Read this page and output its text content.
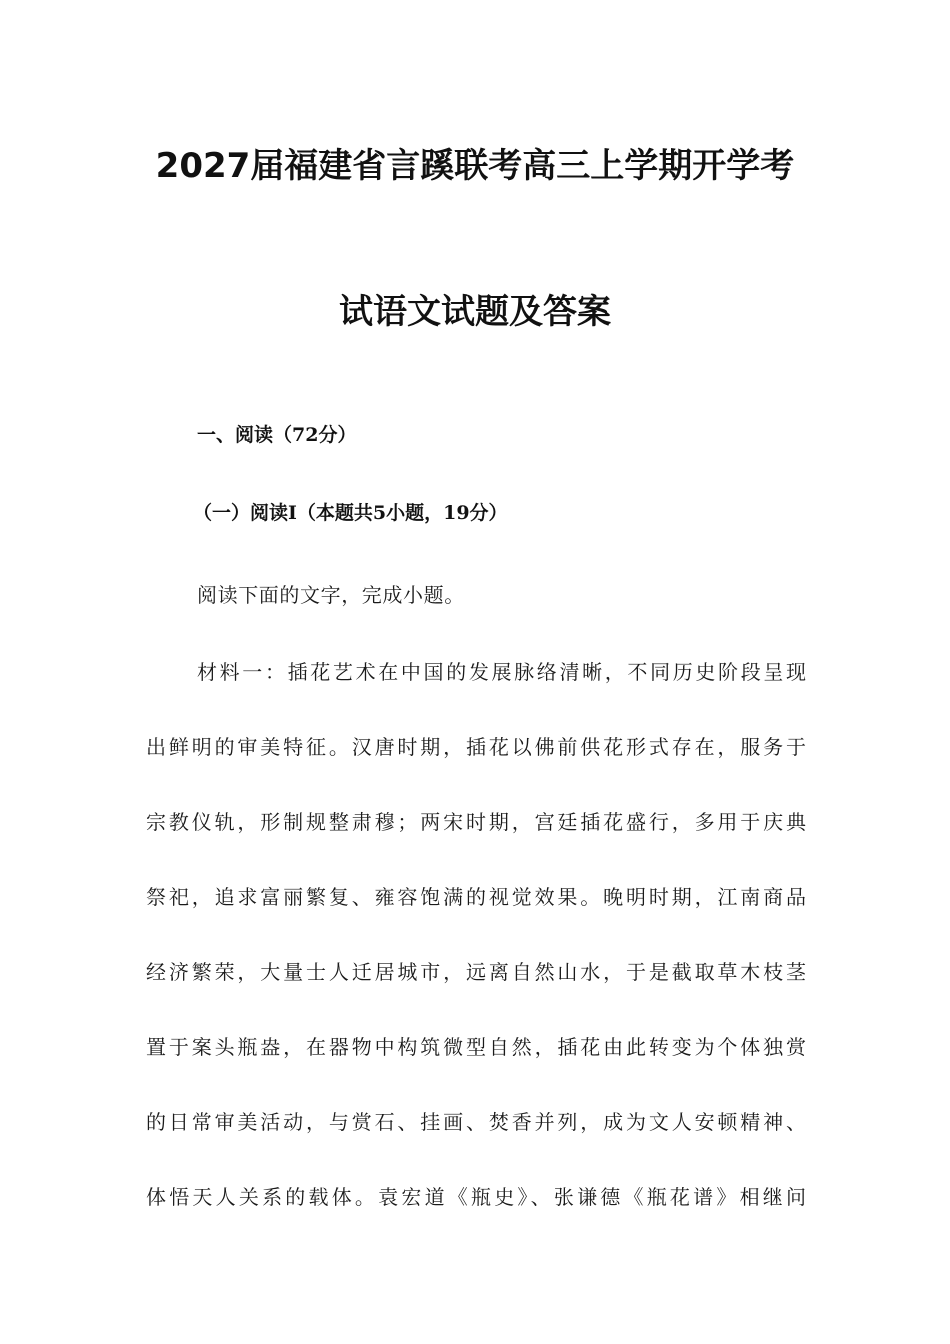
2027届福建省言蹊联考高三上学期开学考
试语文试题及答案
一、阅读（72分）
（一）阅读Ⅰ（本题共5小题，19分）
阅读下面的文字，完成小题。
材料一：插花艺术在中国的发展脉络清晰，不同历史阶段呈现
出鲜明的审美特征。汉唐时期，插花以佛前供花形式存在，服务于
宗教仪轨，形制规整肃穆；两宋时期，宫廷插花盛行，多用于庆典
祭祀，追求富丽繁复、雍容饱满的视觉效果。晚明时期，江南商品
经济繁荣，大量士人迁居城市，远离自然山水，于是截取草木枝茎
置于案头瓶盎，在器物中构筑微型自然，插花由此转变为个体独赏
的日常审美活动，与赏石、挂画、焚香并列，成为文人安顿精神、
体悟天人关系的载体。袁宏道《瓶史》、张谦德《瓶花谱》相继问
